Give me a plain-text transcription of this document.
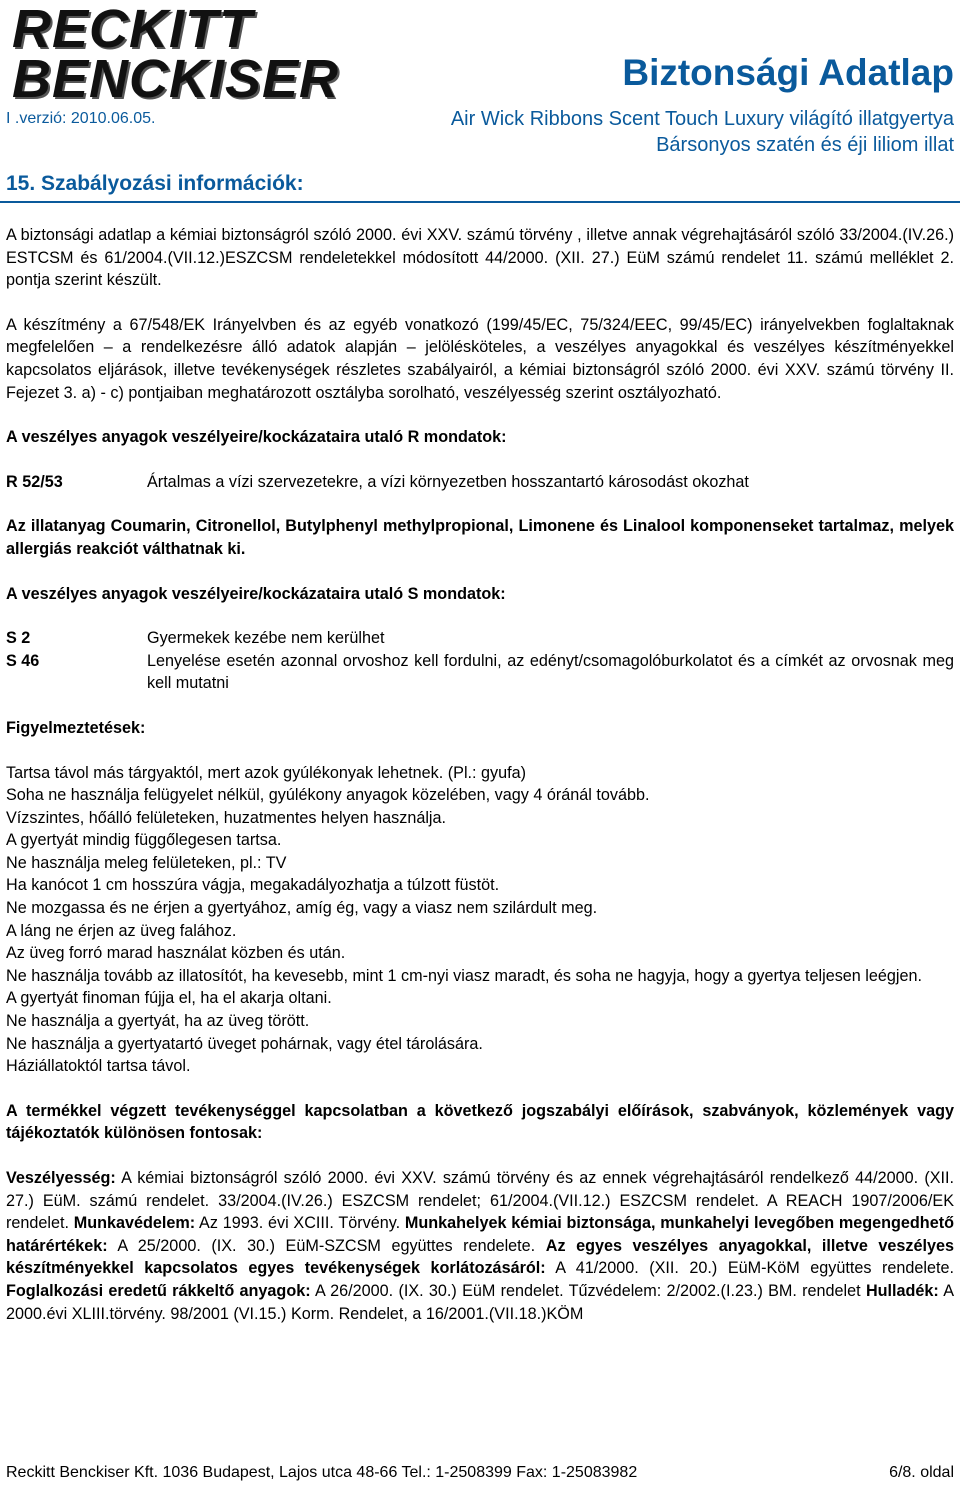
RECKITT
BENCKISER	Biztonsági Adatlap
I .verzió: 2010.06.05.	Air Wick Ribbons Scent Touch Luxury világító illatgyertya
Bársonyos szatén és éji liliom illat
15. Szabályozási információk:

A biztonsági adatlap a kémiai biztonságról szóló 2000. évi XXV. számú törvény , illetve annak végrehajtásáról szóló 33/2004.(IV.26.) ESTCSM és 61/2004.(VII.12.)ESZCSM rendeletekkel módosított 44/2000. (XII. 27.) EüM számú rendelet 11. számú melléklet 2. pontja szerint készült.

A készítmény a 67/548/EK Irányelvben és az egyéb vonatkozó (199/45/EC, 75/324/EEC, 99/45/EC) irányelvekben foglaltaknak megfelelően – a rendelkezésre álló adatok alapján – jelölésköteles, a veszélyes anyagokkal és veszélyes készítményekkel kapcsolatos eljárások, illetve tevékenységek részletes szabályairól, a kémiai biztonságról szóló 2000. évi XXV. számú törvény II. Fejezet 3. a) - c) pontjaiban meghatározott osztályba sorolható, veszélyesség szerint osztályozható.

A veszélyes anyagok veszélyeire/kockázataira utaló R mondatok:

R 52/53	Ártalmas a vízi szervezetekre, a vízi környezetben hosszantartó károsodást okozhat

Az illatanyag Coumarin, Citronellol, Butylphenyl methylpropional, Limonene és Linalool komponenseket tartalmaz, melyek allergiás reakciót válthatnak ki.

A veszélyes anyagok veszélyeire/kockázataira utaló S mondatok:

S 2	Gyermekek kezébe nem kerülhet
S 46	Lenyelése esetén azonnal orvoshoz kell fordulni, az edényt/csomagolóburkolatot és a címkét az orvosnak meg kell mutatni

Figyelmeztetések:

Tartsa távol más tárgyaktól, mert azok gyúlékonyak lehetnek. (Pl.: gyufa)

Soha ne használja felügyelet nélkül, gyúlékony anyagok közelében, vagy 4 óránál tovább.

Vízszintes, hőálló felületeken, huzatmentes helyen használja.

A gyertyát mindig függőlegesen tartsa.

Ne használja meleg felületeken, pl.: TV

Ha kanócot 1 cm hosszúra vágja, megakadályozhatja a túlzott füstöt.

Ne mozgassa és ne érjen a gyertyához, amíg ég, vagy a viasz nem szilárdult meg.

A láng ne érjen az üveg falához.

Az üveg forró marad használat közben és után.

Ne használja tovább az illatosítót, ha kevesebb, mint 1 cm-nyi viasz maradt, és soha ne hagyja, hogy a gyertya teljesen leégjen.

A gyertyát finoman fújja el, ha el akarja oltani.

Ne használja a gyertyát, ha az üveg törött.

Ne használja a gyertyatartó üveget pohárnak, vagy étel tárolására.

Háziállatoktól tartsa távol.

A termékkel végzett tevékenységgel kapcsolatban a következő jogszabályi előírások, szabványok, közlemények vagy tájékoztatók különösen fontosak:

Veszélyesség: A kémiai biztonságról szóló 2000. évi XXV. számú törvény és az ennek végrehajtásáról rendelkező 44/2000. (XII. 27.) EüM. számú rendelet. 33/2004.(IV.26.) ESZCSM rendelet; 61/2004.(VII.12.) ESZCSM rendelet. A REACH 1907/2006/EK rendelet. Munkavédelem: Az 1993. évi XCIII. Törvény. Munkahelyek kémiai biztonsága, munkahelyi levegőben megengedhető határértékek: A 25/2000. (IX. 30.) EüM-SZCSM együttes rendelete. Az egyes veszélyes anyagokkal, illetve veszélyes készítményekkel kapcsolatos egyes tevékenységek korlátozásáról: A 41/2000. (XII. 20.) EüM-KöM együttes rendelete. Foglalkozási eredetű rákkeltő anyagok: A 26/2000. (IX. 30.) EüM rendelet. Tűzvédelem: 2/2002.(I.23.) BM. rendelet Hulladék: A 2000.évi XLIII.törvény. 98/2001 (VI.15.) Korm. Rendelet, a 16/2001.(VII.18.)KÖM

Reckitt Benckiser Kft. 1036 Budapest, Lajos utca 48-66 Tel.: 1-2508399 Fax: 1-25083982	6/8. oldal
